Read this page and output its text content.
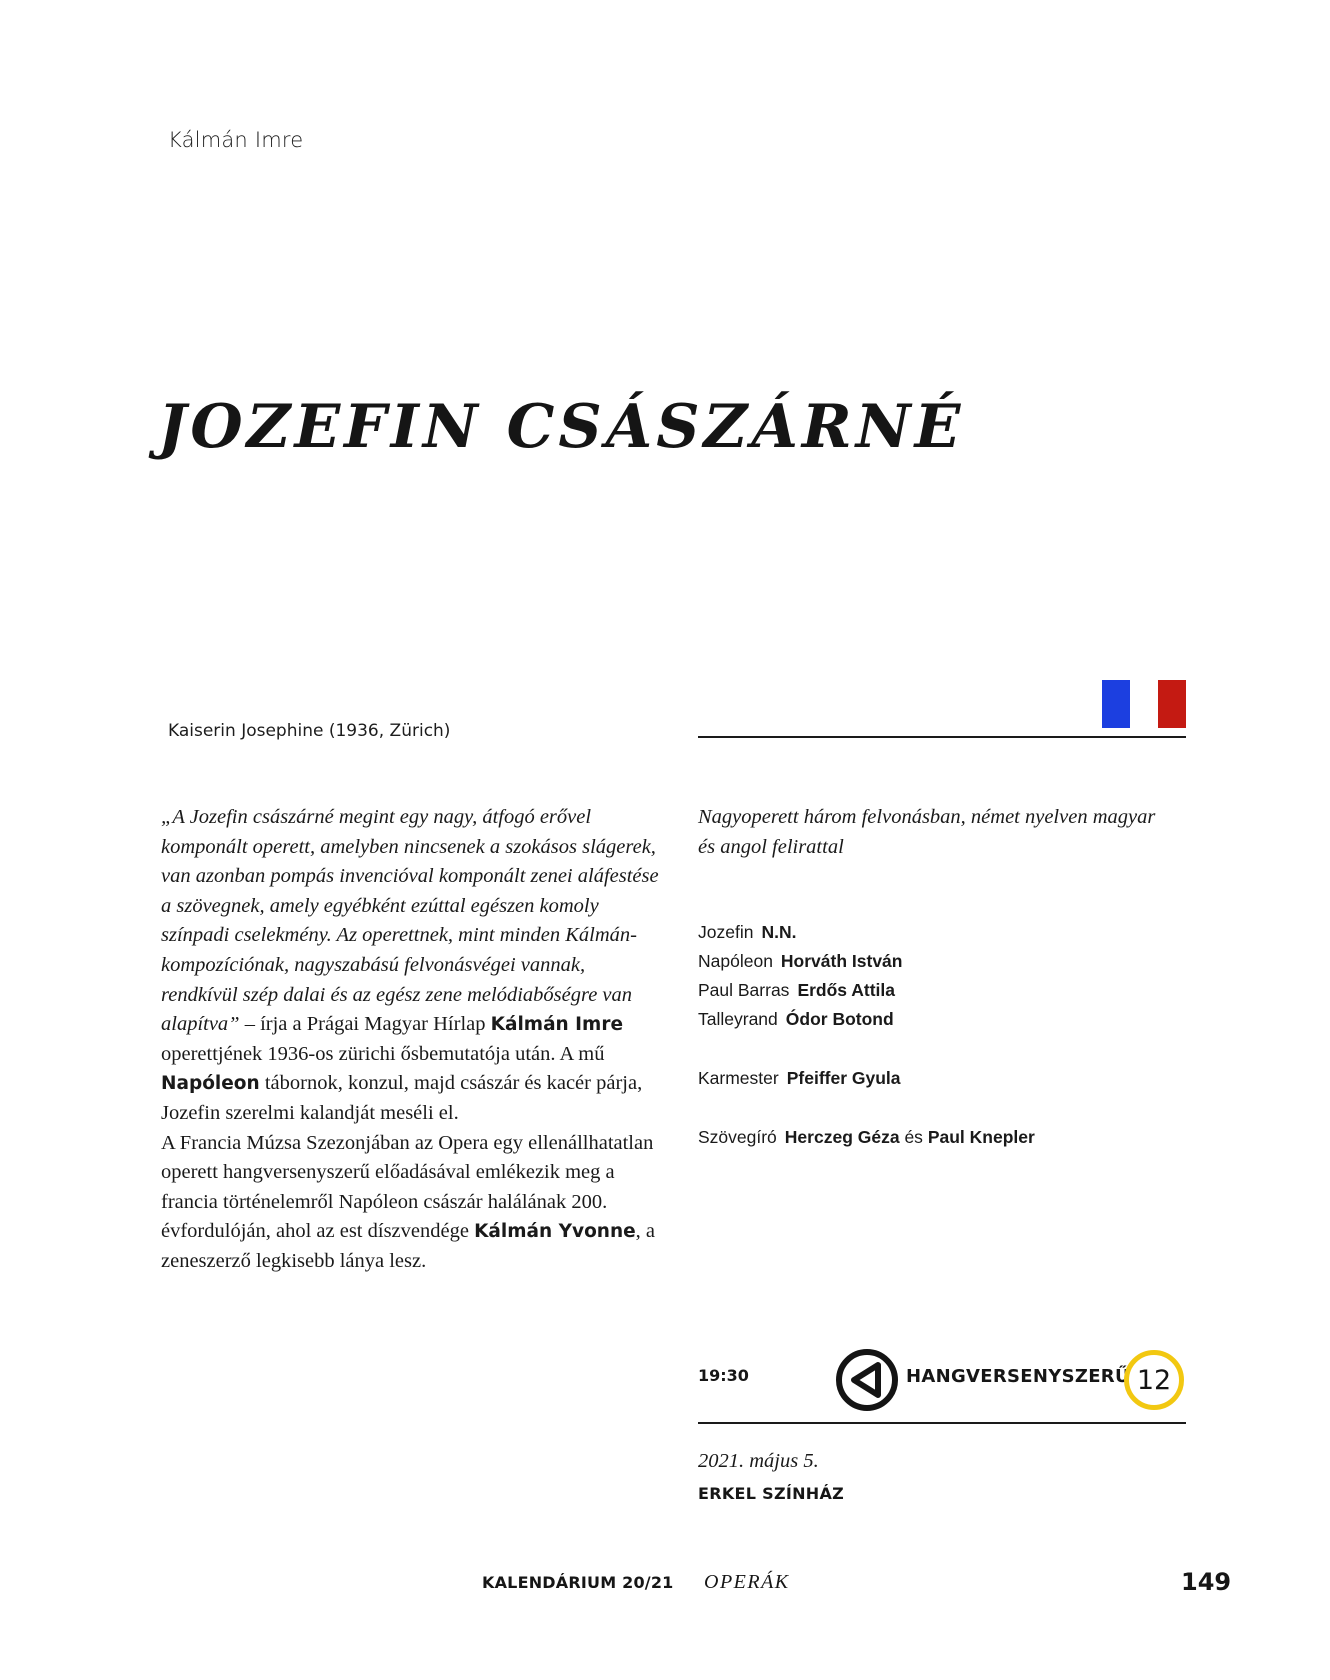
Kálmán Imre
JOZEFIN CSÁSZÁRNÉ
Kaiserin Josephine (1936, Zürich)
„A Jozefin császárné megint egy nagy, átfogó erővel komponált operett, amelyben nincsenek a szokásos slágerek, van azonban pompás invencióval komponált zenei aláfestése a szövegnek, amely egyébként ezúttal egészen komoly színpadi cselekmény. Az operettnek, mint minden Kálmán-kompozíciónak, nagyszabású felvonásvégei vannak, rendkívül szép dalai és az egész zene melódiabőségre van alapítva” – írja a Prágai Magyar Hírlap Kálmán Imre operettjének 1936-os zürichi ősbemutatója után. A mű Napóleon tábornok, konzul, majd császár és kacér párja, Jozefin szerelmi kalandját meséli el.
A Francia Múzsa Szezonjában az Opera egy ellenállhatatlan operett hangversenyszerű előadásával emlékezik meg a francia történelemről Napóleon császár halálának 200. évfordulóján, ahol az est díszvendége Kálmán Yvonne, a zeneszerző legkisebb lánya lesz.
Nagyoperett három felvonásban, német nyelven magyar és angol felirattal
Jozefin N.N.
Napóleon Horváth István
Paul Barras Erdős Attila
Talleyrand Ódor Botond
Karmester Pfeiffer Gyula
Szövegíró Herczeg Géza és Paul Knepler
19:30	HANGVERSENYSZERŰ 12
2021. május 5.
ERKEL SZÍNHÁZ
KALENDÁRIUM 20/21 OPERÁK	149
